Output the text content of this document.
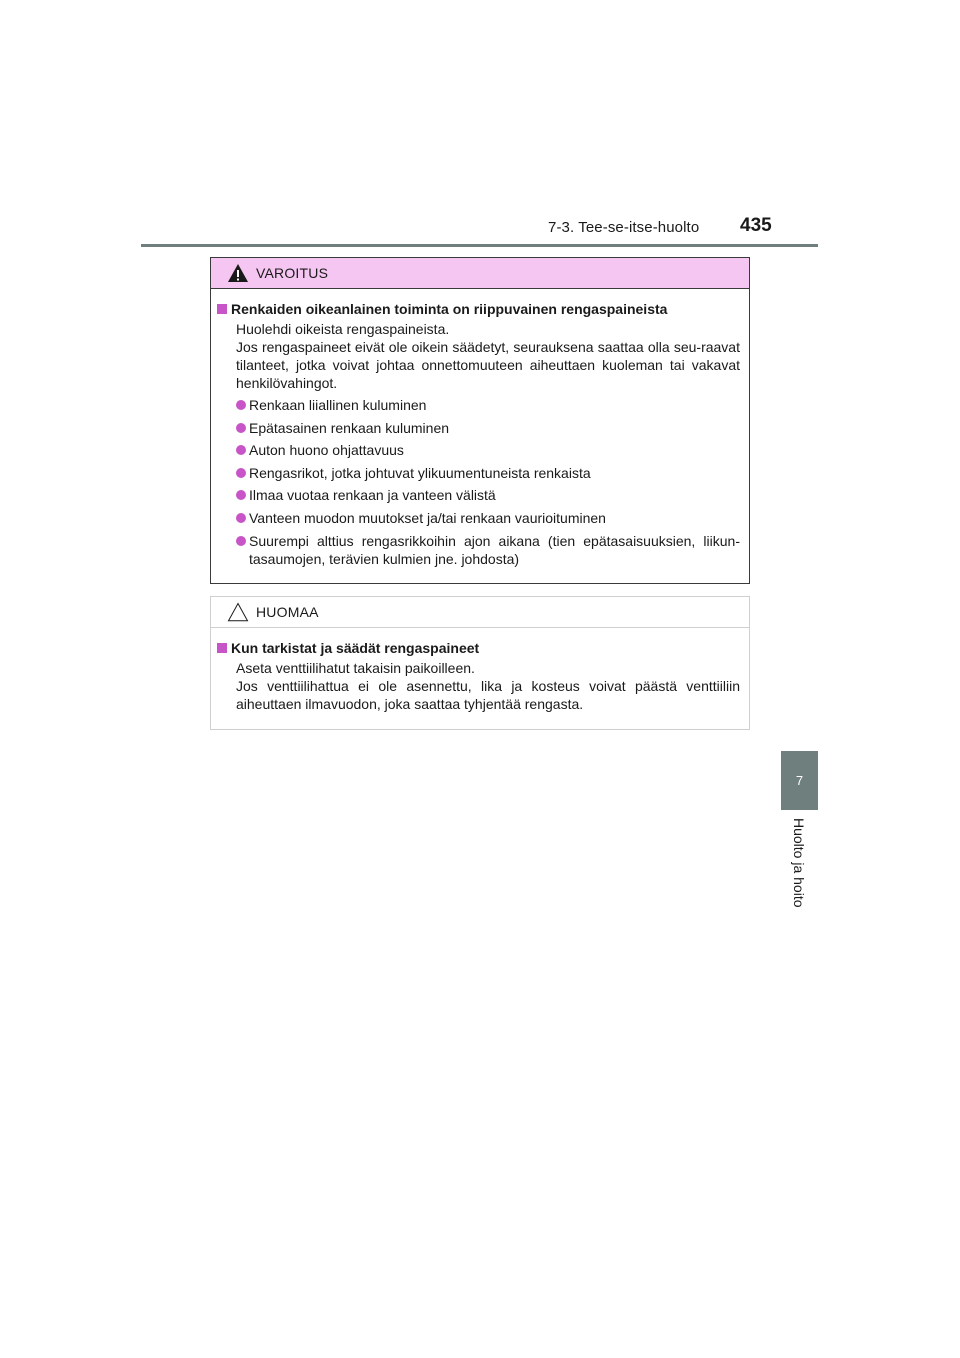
7-3. Tee-se-itse-huolto 435
7
Huolto ja hoito
VAROITUS
Renkaiden oikeanlainen toiminta on riippuvainen rengaspaineista
Huolehdi oikeista rengaspaineista.
Jos rengaspaineet eivät ole oikein säädetyt, seurauksena saattaa olla seu-raavat tilanteet, jotka voivat johtaa onnettomuuteen aiheuttaen kuoleman tai vakavat henkilövahingot.
Renkaan liiallinen kuluminen
Epätasainen renkaan kuluminen
Auton huono ohjattavuus
Rengasrikot, jotka johtuvat ylikuumentuneista renkaista
Ilmaa vuotaa renkaan ja vanteen välistä
Vanteen muodon muutokset ja/tai renkaan vaurioituminen
Suurempi alttius rengasrikkoihin ajon aikana (tien epätasaisuuksien, liikun-tasaumojen, terävien kulmien jne. johdosta)
HUOMAA
Kun tarkistat ja säädät rengaspaineet
Aseta venttiilihatut takaisin paikoilleen.
Jos venttiilihattua ei ole asennettu, lika ja kosteus voivat päästä venttiiliin aiheuttaen ilmavuodon, joka saattaa tyhjentää rengasta.
